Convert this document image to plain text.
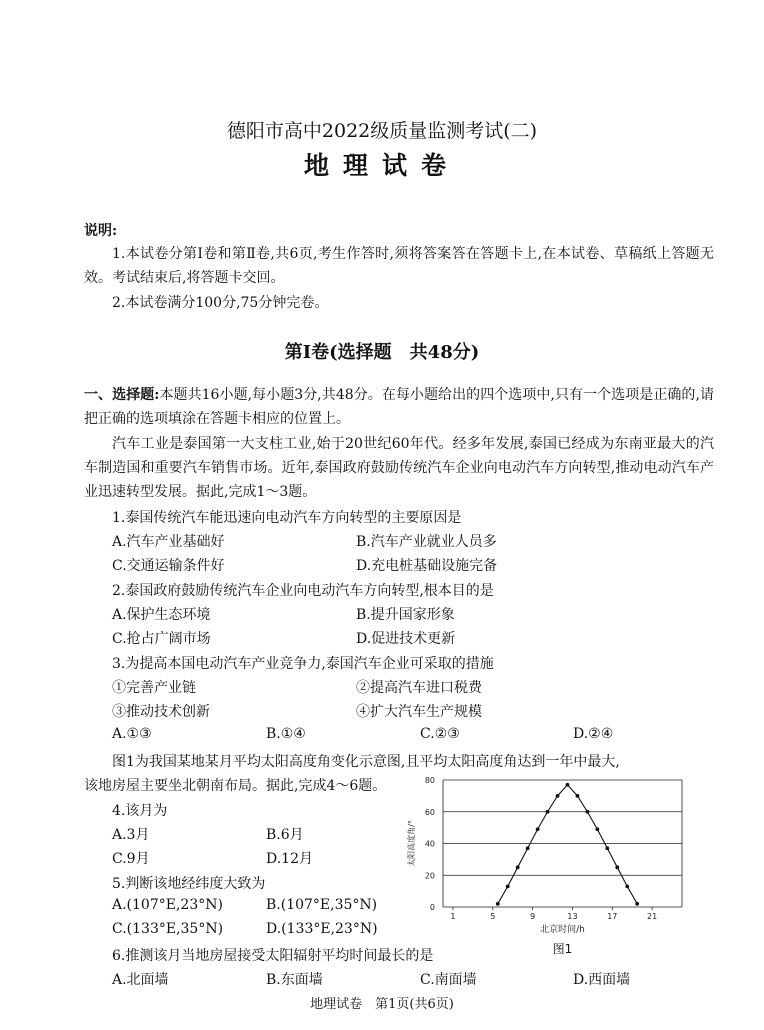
德阳市高中2022级质量监测考试(二)
地理试卷
说明:
1.本试卷分第Ⅰ卷和第Ⅱ卷,共6页,考生作答时,须将答案答在答题卡上,在本试卷、草稿纸上答题无效。考试结束后,将答题卡交回。
2.本试卷满分100分,75分钟完卷。
第Ⅰ卷(选择题　共48分)
一、选择题:本题共16小题,每小题3分,共48分。在每小题给出的四个选项中,只有一个选项是正确的,请把正确的选项填涂在答题卡相应的位置上。
汽车工业是泰国第一大支柱工业,始于20世纪60年代。经多年发展,泰国已经成为东南亚最大的汽车制造国和重要汽车销售市场。近年,泰国政府鼓励传统汽车企业向电动汽车方向转型,推动电动汽车产业迅速转型发展。据此,完成1～3题。
1.泰国传统汽车能迅速向电动汽车方向转型的主要原因是
A.汽车产业基础好	B.汽车产业就业人员多
C.交通运输条件好	D.充电桩基础设施完备
2.泰国政府鼓励传统汽车企业向电动汽车方向转型,根本目的是
A.保护生态环境	B.提升国家形象
C.抢占广阔市场	D.促进技术更新
3.为提高本国电动汽车产业竞争力,泰国汽车企业可采取的措施
①完善产业链	②提高汽车进口税费
③推动技术创新	④扩大汽车生产规模
A.①③	B.①④	C.②③	D.②④
图1为我国某地某月平均太阳高度角变化示意图,且平均太阳高度角达到一年中最大,
该地房屋主要坐北朝南布局。据此,完成4～6题。
4.该月为
A.3月	B.6月
C.9月	D.12月
5.判断该地经纬度大致为
A.(107°E,23°N)	B.(107°E,35°N)
C.(133°E,35°N)	D.(133°E,23°N)
6.推测该月当地房屋接受太阳辐射平均时间最长的是
A.北面墙	B.东面墙	C.南面墙	D.西面墙
0
20
40
60
80
1	5	9	13	17	21
北京时间/h
太阳高度角/°
图1
地理试卷　第1页(共6页)
